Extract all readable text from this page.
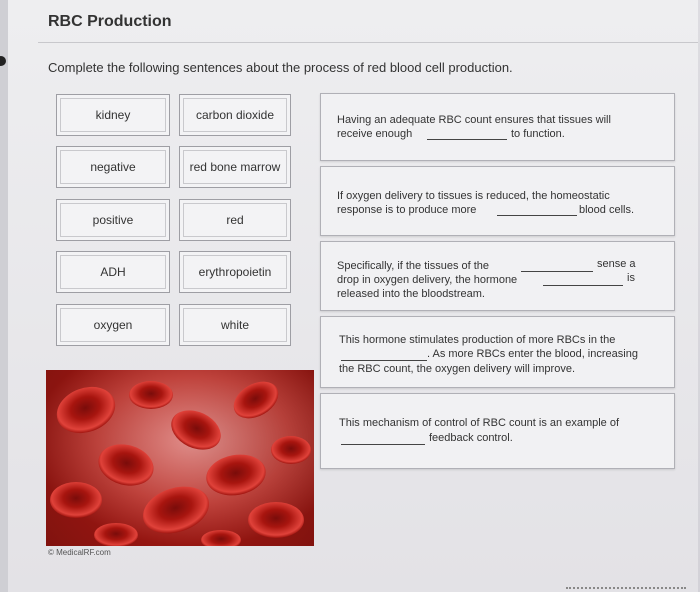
RBC Production
Complete the following sentences about the process of red blood cell production.
kidney
negative
positive
ADH
oxygen
carbon dioxide
red bone marrow
red
erythropoietin
white
Having an adequate RBC count ensures that tissues will
receive enough	to function.
If oxygen delivery to tissues is reduced, the homeostatic
response is to produce more	blood cells.
Specifically, if the tissues of the	sense a
drop in oxygen delivery, the hormone	is
released into the bloodstream.
This hormone stimulates production of more RBCs in the
. As more RBCs enter the blood, increasing
the RBC count, the oxygen delivery will improve.
This mechanism of control of RBC count is an example of
feedback control.
© MedicalRF.com
